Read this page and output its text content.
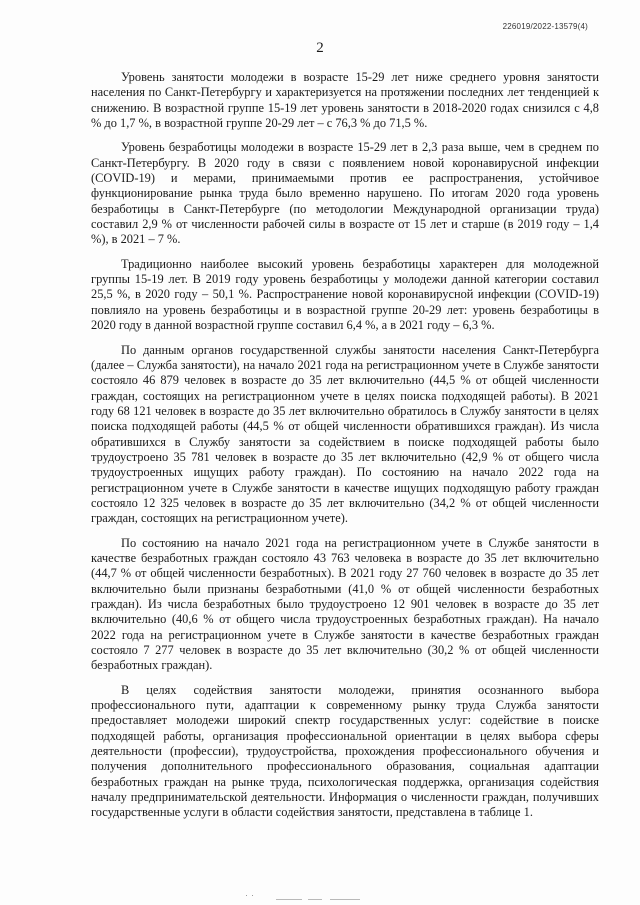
226019/2022-13579(4)
2

Уровень занятости молодежи в возрасте 15-29 лет ниже среднего уровня занятости населения по Санкт-Петербургу и характеризуется на протяжении последних лет тенденцией к снижению. В возрастной группе 15-19 лет уровень занятости в 2018-2020 годах снизился с 4,8 % до 1,7 %, в возрастной группе 20-29 лет – с 76,3 % до 71,5 %.

Уровень безработицы молодежи в возрасте 15-29 лет в 2,3 раза выше, чем в среднем по Санкт-Петербургу. В 2020 году в связи с появлением новой коронавирусной инфекции (COVID-19) и мерами, принимаемыми против ее распространения, устойчивое функционирование рынка труда было временно нарушено. По итогам 2020 года уровень безработицы в Санкт-Петербурге (по методологии Международной организации труда) составил 2,9 % от численности рабочей силы в возрасте от 15 лет и старше (в 2019 году – 1,4 %), в 2021 – 7 %.

Традиционно наиболее высокий уровень безработицы характерен для молодежной группы 15-19 лет. В 2019 году уровень безработицы у молодежи данной категории составил 25,5 %, в 2020 году – 50,1 %. Распространение новой коронавирусной инфекции (COVID-19) повлияло на уровень безработицы и в возрастной группе 20-29 лет: уровень безработицы в 2020 году в данной возрастной группе составил 6,4 %, а в 2021 году – 6,3 %.

По данным органов государственной службы занятости населения Санкт-Петербурга (далее – Служба занятости), на начало 2021 года на регистрационном учете в Службе занятости состояло 46 879 человек в возрасте до 35 лет включительно (44,5 % от общей численности граждан, состоящих на регистрационном учете в целях поиска подходящей работы). В 2021 году 68 121 человек в возрасте до 35 лет включительно обратилось в Службу занятости в целях поиска подходящей работы (44,5 % от общей численности обратившихся граждан). Из числа обратившихся в Службу занятости за содействием в поиске подходящей работы было трудоустроено 35 781 человек в возрасте до 35 лет включительно (42,9 % от общего числа трудоустроенных ищущих работу граждан). По состоянию на начало 2022 года на регистрационном учете в Службе занятости в качестве ищущих подходящую работу граждан состояло 12 325 человек в возрасте до 35 лет включительно (34,2 % от общей численности граждан, состоящих на регистрационном учете).

По состоянию на начало 2021 года на регистрационном учете в Службе занятости в качестве безработных граждан состояло 43 763 человека в возрасте до 35 лет включительно (44,7 % от общей численности безработных). В 2021 году 27 760 человек в возрасте до 35 лет включительно были признаны безработными (41,0 % от общей численности безработных граждан). Из числа безработных было трудоустроено 12 901 человек в возрасте до 35 лет включительно (40,6 % от общего числа трудоустроенных безработных граждан). На начало 2022 года на регистрационном учете в Службе занятости в качестве безработных граждан состояло 7 277 человек в возрасте до 35 лет включительно (30,2 % от общей численности безработных граждан).

В целях содействия занятости молодежи, принятия осознанного выбора профессионального пути, адаптации к современному рынку труда Служба занятости предоставляет молодежи широкий спектр государственных услуг: содействие в поиске подходящей работы, организация профессиональной ориентации в целях выбора сферы деятельности (профессии), трудоустройства, прохождения профессионального обучения и получения дополнительного профессионального образования, социальная адаптации безработных граждан на рынке труда, психологическая поддержка, организация содействия началу предпринимательской деятельности. Информация о численности граждан, получивших государственные услуги в области содействия занятости, представлена в таблице 1.
